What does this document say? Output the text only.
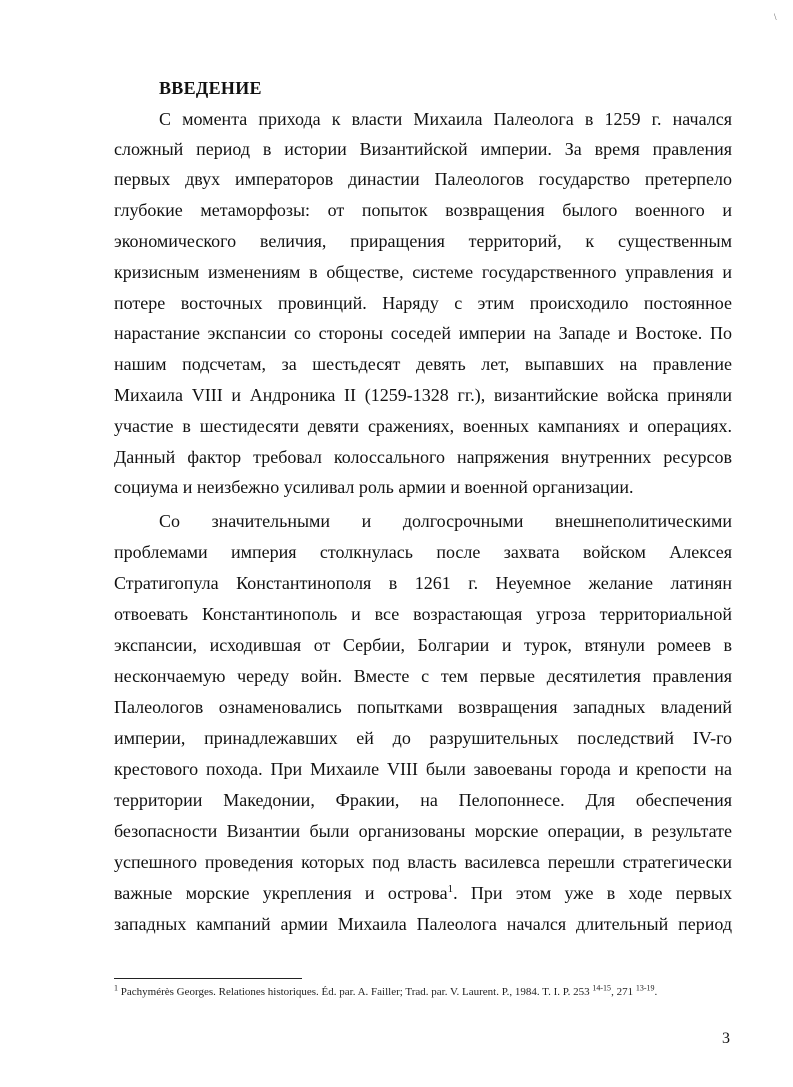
\
ВВЕДЕНИЕ
С момента прихода к власти Михаила Палеолога в 1259 г. начался
сложный период в истории Византийской империи. За время правления
первых двух императоров династии Палеологов государство претерпело
глубокие метаморфозы: от попыток возвращения былого военного и
экономического величия, приращения территорий, к существенным
кризисным изменениям в обществе, системе государственного управления и
потере восточных провинций. Наряду с этим происходило постоянное
нарастание экспансии со стороны соседей империи на Западе и Востоке. По
нашим подсчетам, за шестьдесят девять лет, выпавших на правление
Михаила VIII и Андроника II (1259-1328 гг.), византийские войска приняли
участие в шестидесяти девяти сражениях, военных кампаниях и операциях.
Данный фактор требовал колоссального напряжения внутренних ресурсов
социума и неизбежно усиливал роль армии и военной организации.
Со значительными и долгосрочными внешнеполитическими
проблемами империя столкнулась после захвата войском Алексея
Стратигопула Константинополя в 1261 г. Неуемное желание латинян
отвоевать Константинополь и все возрастающая угроза территориальной
экспансии, исходившая от Сербии, Болгарии и турок, втянули ромеев в
нескончаемую череду войн. Вместе с тем первые десятилетия правления
Палеологов ознаменовались попытками возвращения западных владений
империи, принадлежавших ей до разрушительных последствий IV-го
крестового похода. При Михаиле VIII были завоеваны города и крепости на
территории Македонии, Фракии, на Пелопоннесе. Для обеспечения
безопасности Византии были организованы морские операции, в результате
успешного проведения которых под власть василевса перешли стратегически
важные морские укрепления и острова$^1$. При этом уже в ходе первых
западных кампаний армии Михаила Палеолога начался длительный период
$^1$ Pachymérès Georges. Relationes historiques. Éd. par. A. Failler; Trad. par. V. Laurent. P., 1984. T. I. P. 253 $^{14-15}$, 271 $^{13-19}$.
3
